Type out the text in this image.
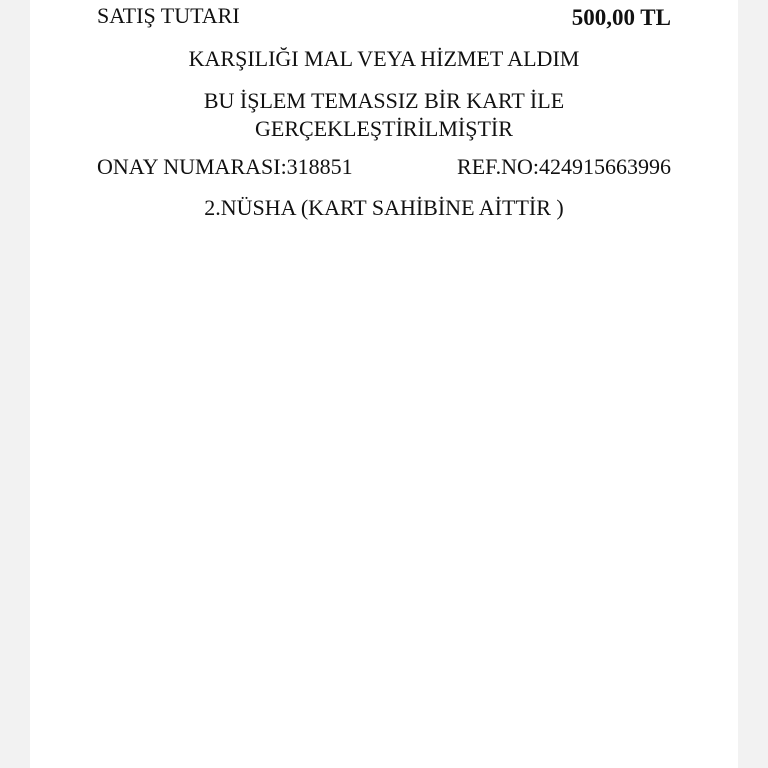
SATIŞ TUTARI	500,00 TL
KARŞILIĞI MAL VEYA HİZMET ALDIM
BU İŞLEM TEMASSIZ BİR KART İLE
GERÇEKLEŞTİRİLMİŞTİR
ONAY NUMARASI:318851	REF.NO:424915663996
2.NÜSHA (KART SAHİBİNE AİTTİR )
